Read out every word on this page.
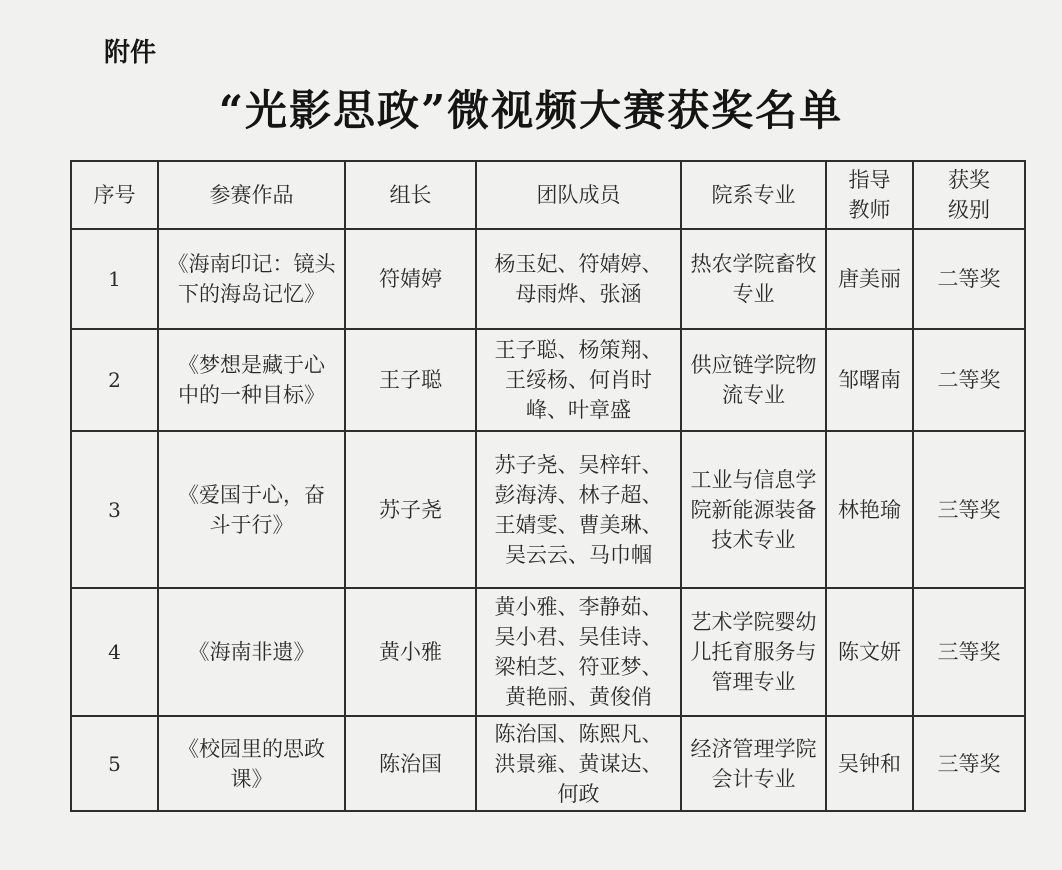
附件
“光影思政”微视频大赛获奖名单
序号	参赛作品	组长	团队成员	院系专业	指导教师	获奖级别
1	《海南印记：镜头下的海岛记忆》	符婧婷	杨玉妃、符婧婷、母雨烨、张涵	热农学院畜牧专业	唐美丽	二等奖
2	《梦想是藏于心中的一种目标》	王子聪	王子聪、杨策翔、王绥杨、何肖时峰、叶章盛	供应链学院物流专业	邹曙南	二等奖
3	《爱国于心，奋斗于行》	苏子尧	苏子尧、吴梓轩、彭海涛、林子超、王婧雯、曹美琳、吴云云、马巾帼	工业与信息学院新能源装备技术专业	林艳瑜	三等奖
4	《海南非遗》	黄小雅	黄小雅、李静茹、吴小君、吴佳诗、梁柏芝、符亚梦、黄艳丽、黄俊俏	艺术学院婴幼儿托育服务与管理专业	陈文妍	三等奖
5	《校园里的思政课》	陈治国	陈治国、陈熙凡、洪景雍、黄谋达、何政	经济管理学院会计专业	吴钟和	三等奖
